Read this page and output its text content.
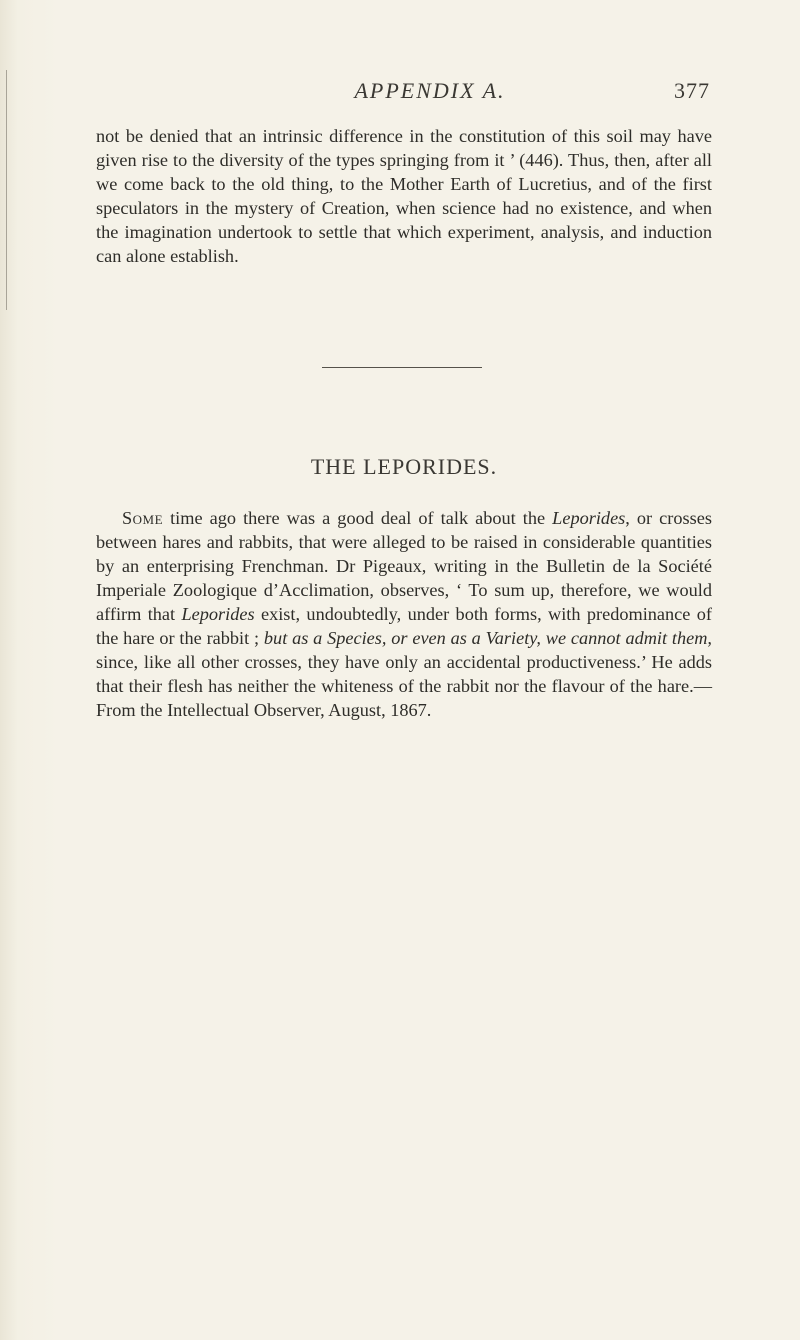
APPENDIX A.	377

not be denied that an intrinsic difference in the constitution of this soil may have given rise to the diversity of the types springing from it ’ (446). Thus, then, after all we come back to the old thing, to the Mother Earth of Lucretius, and of the first speculators in the mystery of Creation, when science had no existence, and when the imagination undertook to settle that which experiment, analysis, and induction can alone establish.

THE LEPORIDES.

Some time ago there was a good deal of talk about the Leporides, or crosses between hares and rabbits, that were alleged to be raised in considerable quantities by an enterprising Frenchman. Dr Pigeaux, writing in the Bulletin de la Société Imperiale Zoologique d’Acclimation, observes, ‘ To sum up, therefore, we would affirm that Leporides exist, undoubtedly, under both forms, with predominance of the hare or the rabbit ; but as a Species, or even as a Variety, we cannot admit them, since, like all other crosses, they have only an accidental productiveness.’ He adds that their flesh has neither the whiteness of the rabbit nor the flavour of the hare.— From the Intellectual Observer, August, 1867.
